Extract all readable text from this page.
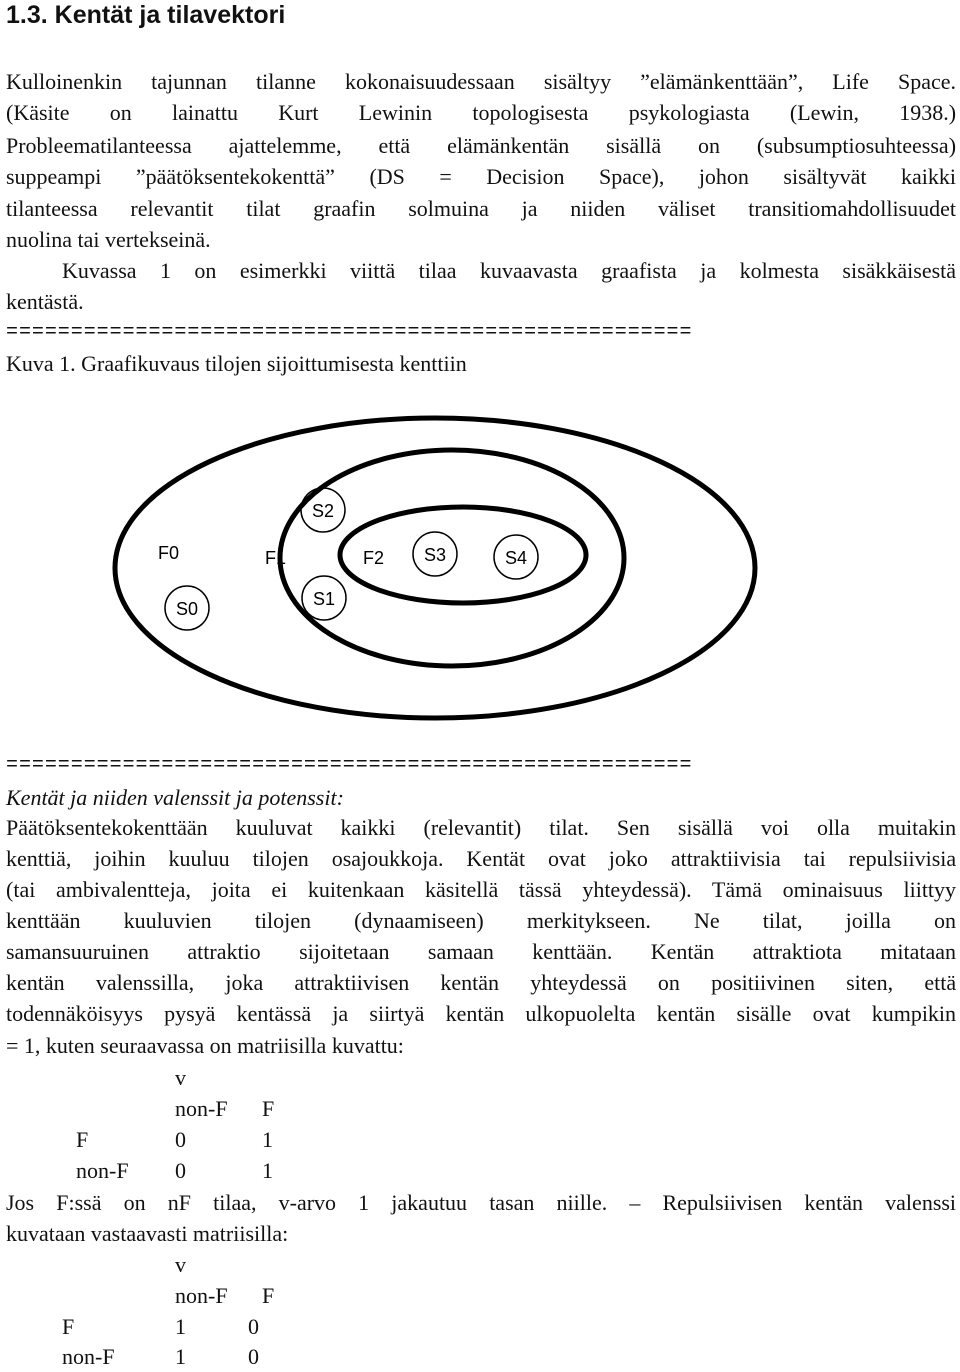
1.3. Kentät ja tilavektori
Kulloinenkin tajunnan tilanne kokonaisuudessaan sisältyy ”elämänkenttään”, Life Space.
(Käsite on lainattu Kurt Lewinin topologisesta psykologiasta (Lewin, 1938.)
Probleematilanteessa ajattelemme, että elämänkentän sisällä on (subsumptiosuhteessa)
suppeampi ”päätöksentekokenttä” (DS = Decision Space), johon sisältyvät kaikki
tilanteessa relevantit tilat graafin solmuina ja niiden väliset transitiomahdollisuudet
nuolina tai vertekseinä.
Kuvassa 1 on esimerkki viittä tilaa kuvaavasta graafista ja kolmesta sisäkkäisestä
kentästä.
=====================================================
Kuva 1. Graafikuvaus tilojen sijoittumisesta kenttiin
F0	F1	F2
S0	S1
S2
S3	S4
=====================================================
Kentät ja niiden valenssit ja potenssit:
Päätöksentekokenttään kuuluvat kaikki (relevantit) tilat. Sen sisällä voi olla muitakin
kenttiä, joihin kuuluu tilojen osajoukkoja. Kentät ovat joko attraktiivisia tai repulsiivisia
(tai ambivalentteja, joita ei kuitenkaan käsitellä tässä yhteydessä). Tämä ominaisuus liittyy
kenttään kuuluvien tilojen (dynaamiseen) merkitykseen. Ne tilat, joilla on
samansuuruinen attraktio sijoitetaan samaan kenttään. Kentän attraktiota mitataan
kentän valenssilla, joka attraktiivisen kentän yhteydessä on positiivinen siten, että
todennäköisyys pysyä kentässä ja siirtyä kentän ulkopuolelta kentän sisälle ovat kumpikin
= 1, kuten seuraavassa on matriisilla kuvattu:
v
non-F F
F	0	1
non-F 0	1
Jos F:ssä on nF tilaa, v-arvo 1 jakautuu tasan niille. – Repulsiivisen kentän valenssi
kuvataan vastaavasti matriisilla:
v
non-F F
F	1	0
non-F	1	0
